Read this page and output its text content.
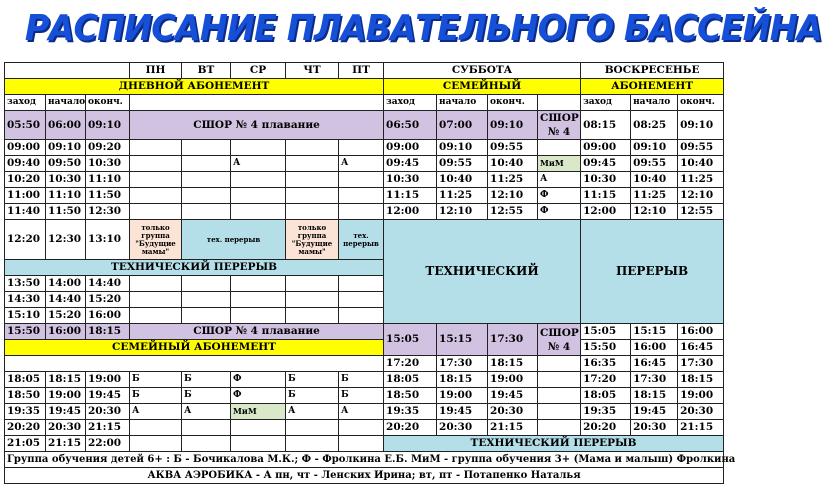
РАСПИСАНИЕ ПЛАВАТЕЛЬНОГО БАССЕЙНА
			ПН	ВТ	СР	ЧТ	ПТ	СУББОТА				ВОСКРЕСЕНЬЕ		
ДНЕВНОЙ АБОНЕМЕНТ								СЕМЕЙНЫЙ				АБОНЕМЕНТ		
заход	начало	оконч.						заход	начало	оконч.		заход	начало	оконч.
05:50	06:00	09:10	СШОР № 4 плавание					06:50	07:00	09:10	СШОР № 4	08:15	08:25	09:10
09:00	09:10	09:20						09:00	09:10	09:55		09:00	09:10	09:55
09:40	09:50	10:30			А		А	09:45	09:55	10:40	МиМ	09:45	09:55	10:40
10:20	10:30	11:10						10:30	10:40	11:25	А	10:30	10:40	11:25
11:00	11:10	11:50						11:15	11:25	12:10	Ф	11:15	11:25	12:10
11:40	11:50	12:30						12:00	12:10	12:55	Ф	12:00	12:10	12:55
12:20	12:30	13:10	только группа "Будущие мамы"	тех. перерыв		только группа "Будущие мамы"	тех. перерыв	ТЕХНИЧЕСКИЙ				ПЕРЕРЫВ		
ТЕХНИЧЕСКИЙ ПЕРЕРЫВ														
13:50	14:00	14:40												
14:30	14:40	15:20												
15:10	15:20	16:00												
15:50	16:00	18:15	СШОР № 4 плавание					15:05	15:15	17:30	СШОР № 4	15:05	15:15	16:00
СЕМЕЙНЫЙ АБОНЕМЕНТ												15:50	16:00	16:45
								17:20	17:30	18:15		16:35	16:45	17:30
18:05	18:15	19:00	Б	Б	Ф	Б	Б	18:05	18:15	19:00		17:20	17:30	18:15
18:50	19:00	19:45	Б	Б	Ф	Б	Б	18:50	19:00	19:45		18:05	18:15	19:00
19:35	19:45	20:30	А	А	МиМ	А	А	19:35	19:45	20:30		19:35	19:45	20:30
20:20	20:30	21:15						20:20	20:30	21:15		20:20	20:30	21:15
21:05	21:15	22:00						ТЕХНИЧЕСКИЙ ПЕРЕРЫВ						
Группа обучения детей 6+ : Б - Бочикалова М.К.; Ф - Фролкина Е.Б. МиМ - группа обучения 3+ (Мама и малыш) Фролкина														
АКВА АЭРОБИКА - А пн, чт - Ленских Ирина; вт, пт - Потапенко Наталья														
